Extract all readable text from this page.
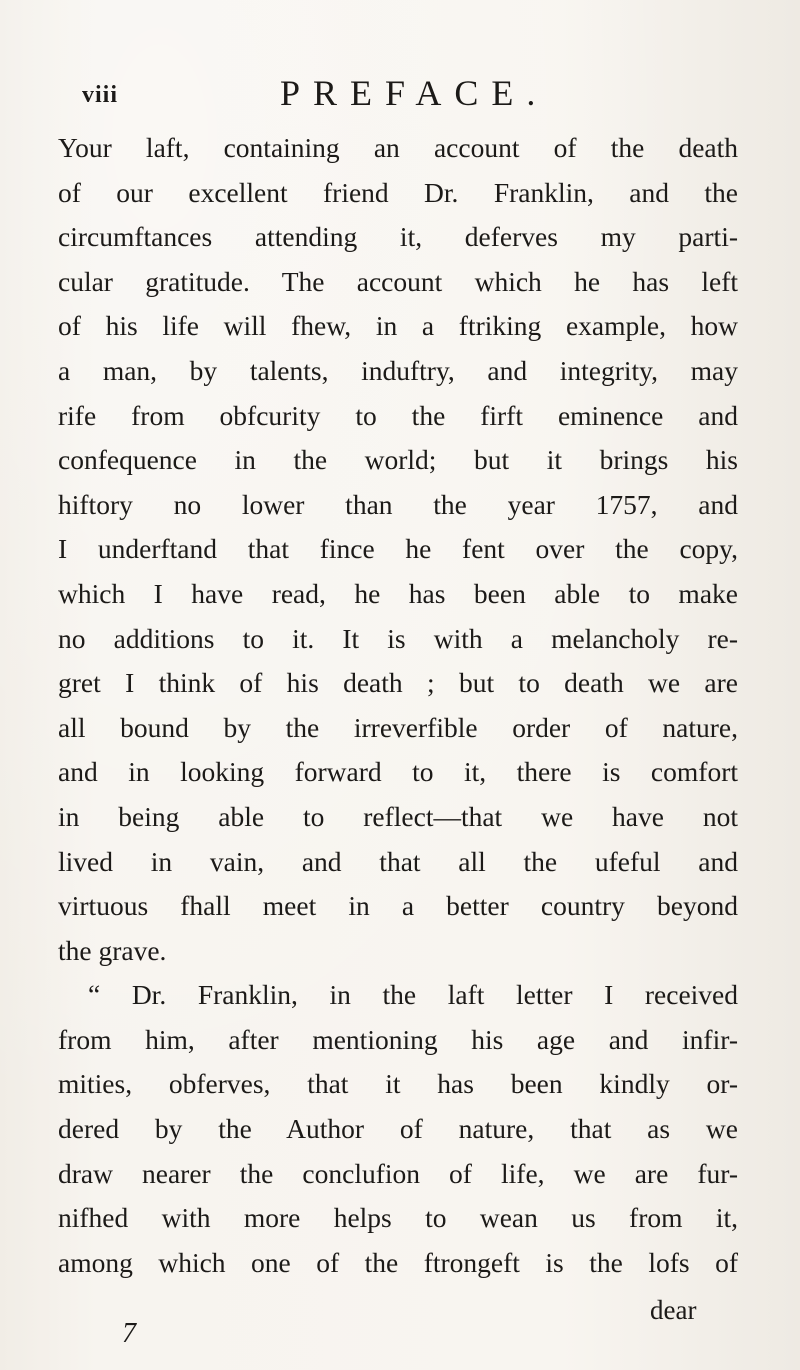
viii	PREFACE.
Your laft, containing an account of the death
of our excellent friend Dr. Franklin, and the
circumftances attending it, deferves my parti-
cular gratitude. The account which he has left
of his life will fhew, in a ftriking example, how
a man, by talents, induftry, and integrity, may
rife from obfcurity to the firft eminence and
confequence in the world; but it brings his
hiftory no lower than the year 1757, and
I underftand that fince he fent over the copy,
which I have read, he has been able to make
no additions to it. It is with a melancholy re-
gret I think of his death ; but to death we are
all bound by the irreverfible order of nature,
and in looking forward to it, there is comfort
in being able to reflect—that we have not
lived in vain, and that all the ufeful and
virtuous fhall meet in a better country beyond
the grave.
“ Dr. Franklin, in the laft letter I received
from him, after mentioning his age and infir-
mities, obferves, that it has been kindly or-
dered by the Author of nature, that as we
draw nearer the conclufion of life, we are fur-
nifhed with more helps to wean us from it,
among which one of the ftrongeft is the lofs of
dear
7
